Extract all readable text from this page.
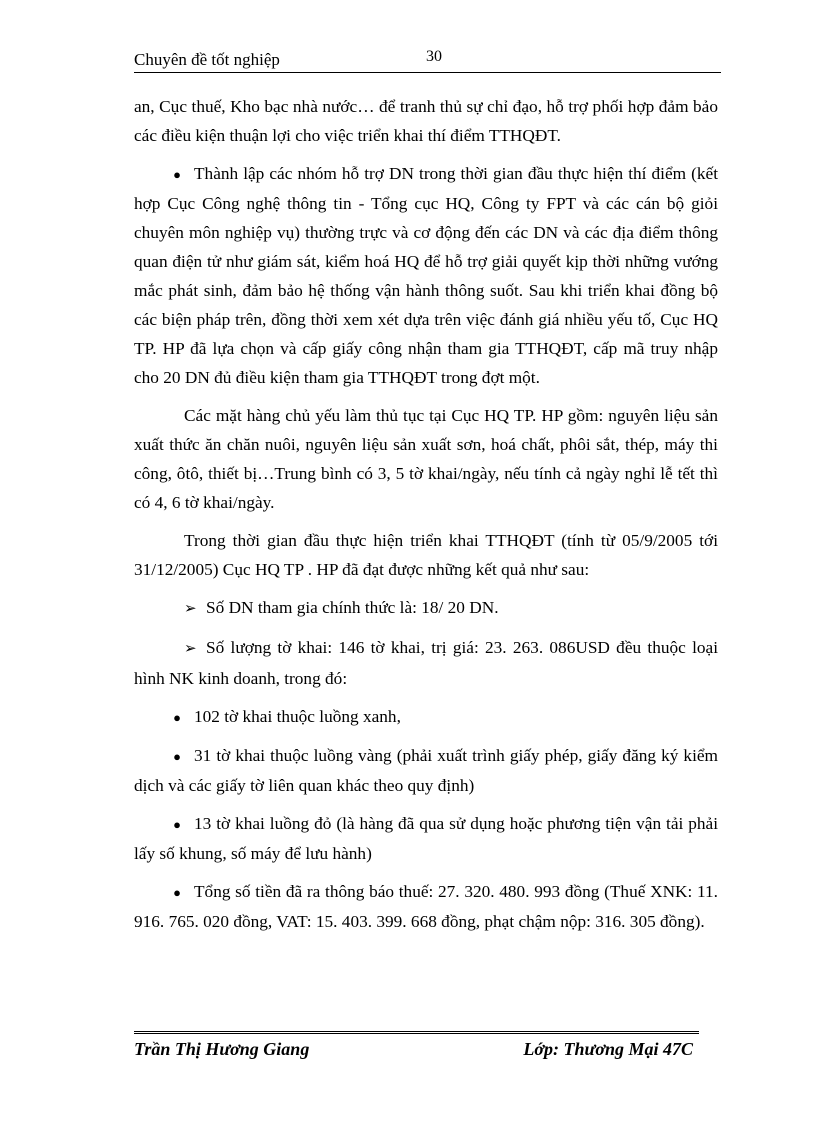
Chuyên đề tốt nghiệp	30

an, Cục thuế, Kho bạc nhà nước… để tranh thủ sự chỉ đạo, hỗ trợ phối hợp đảm bảo các điều kiện thuận lợi cho việc triển khai thí điểm TTHQĐT.

● Thành lập các nhóm hỗ trợ DN trong thời gian đầu thực hiện thí điểm (kết hợp Cục Công nghệ thông tin - Tổng cục HQ, Công ty FPT và các cán bộ giỏi chuyên môn nghiệp vụ) thường trực và cơ động đến các DN và các địa điểm thông quan điện tử như giám sát, kiểm hoá HQ để hỗ trợ giải quyết kịp thời những vướng mắc phát sinh, đảm bảo hệ thống vận hành thông suốt. Sau khi triển khai đồng bộ các biện pháp trên, đồng thời xem xét dựa trên việc đánh giá nhiều yếu tố, Cục HQ TP. HP đã lựa chọn và cấp giấy công nhận tham gia TTHQĐT, cấp mã truy nhập cho 20 DN đủ điều kiện tham gia TTHQĐT trong đợt một.

Các mặt hàng chủ yếu làm thủ tục tại Cục HQ TP. HP gồm: nguyên liệu sản xuất thức ăn chăn nuôi, nguyên liệu sản xuất sơn, hoá chất, phôi sắt, thép, máy thi công, ôtô, thiết bị…Trung bình có 3, 5 tờ khai/ngày, nếu tính cả ngày nghỉ lễ tết thì có 4, 6 tờ khai/ngày.

Trong thời gian đầu thực hiện triển khai TTHQĐT (tính từ 05/9/2005 tới 31/12/2005) Cục HQ TP . HP đã đạt được những kết quả như sau:

➢ Số DN tham gia chính thức là: 18/ 20 DN.

➢ Số lượng tờ khai: 146 tờ khai, trị giá: 23. 263. 086USD đều thuộc loại hình NK kinh doanh, trong đó:

● 102 tờ khai thuộc luồng xanh,

● 31 tờ khai thuộc luồng vàng (phải xuất trình giấy phép, giấy đăng ký kiểm dịch và các giấy tờ liên quan khác theo quy định)

● 13 tờ khai luồng đỏ (là hàng đã qua sử dụng hoặc phương tiện vận tải phải lấy số khung, số máy để lưu hành)

● Tổng số tiền đã ra thông báo thuế: 27. 320. 480. 993 đồng (Thuế XNK: 11. 916. 765. 020 đồng, VAT: 15. 403. 399. 668 đồng, phạt chậm nộp: 316. 305 đồng).

Trần Thị Hương Giang	Lớp: Thương Mại 47C
